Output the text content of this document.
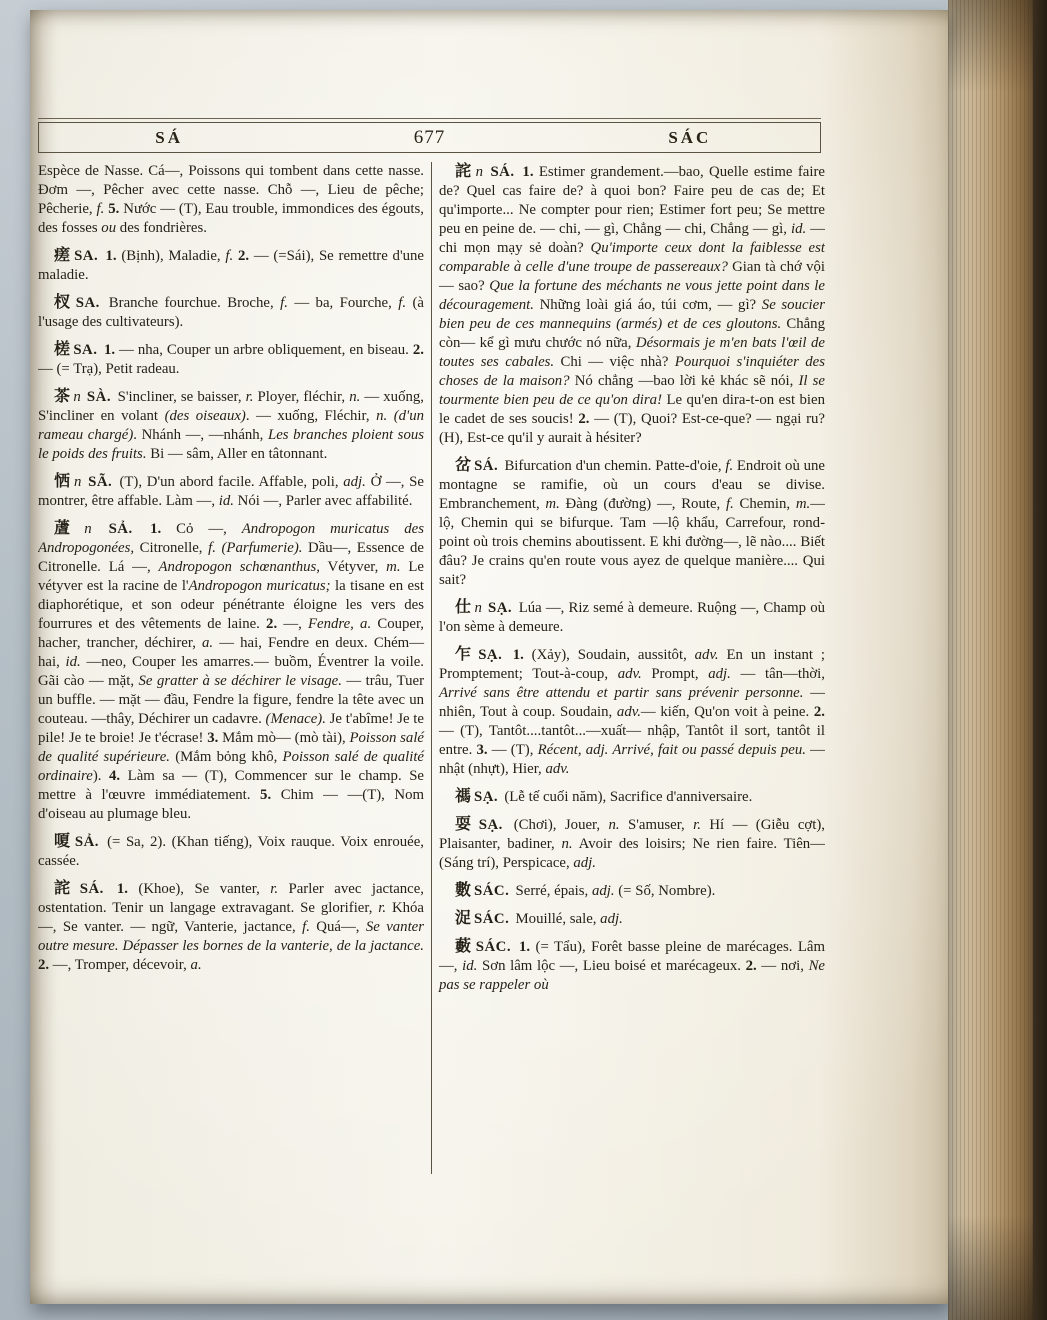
SÁ	677	SÁC

Espèce de Nasse. Cá—, Poissons qui tombent dans cette nasse. Đơm —, Pêcher avec cette nasse. Chỗ —, Lieu de pêche; Pêcherie, f. 5. Nước — (T), Eau trouble, immondices des égouts, des fosses ou des fondrières.

瘥 SA. 1. (Bịnh), Maladie, f. 2. — (=Sái), Se remettre d'une maladie.

杈 SA. Branche fourchue. Broche, f. — ba, Fourche, f. (à l'usage des cultivateurs).

槎 SA. 1. — nha, Couper un arbre obliquement, en biseau. 2. — (= Trạ), Petit radeau.

茶 n SÀ. S'incliner, se baisser, r. Ployer, fléchir, n. — xuống, S'incliner en volant (des oiseaux). — xuống, Fléchir, n. (d'un rameau chargé). Nhánh —, —nhánh, Les branches ploient sous le poids des fruits. Bi — sâm, Aller en tâtonnant.

恓 n SÃ. (T), D'un abord facile. Affable, poli, adj. Ở —, Se montrer, être affable. Làm —, id. Nói —, Parler avec affabilité.

蔖 n SẢ. 1. Cỏ —, Andropogon muricatus des Andropogonées, Citronelle, f. (Parfumerie). Dầu—, Essence de Citronelle. Lá —, Andropogon schœnanthus, Vétyver, m. Le vétyver est la racine de l'Andropogon muricatus; la tisane en est diaphorétique, et son odeur pénétrante éloigne les vers des fourrures et des vêtements de laine. 2. —, Fendre, a. Couper, hacher, trancher, déchirer, a. — hai, Fendre en deux. Chém—hai, id. —neo, Couper les amarres.— buồm, Éventrer la voile. Gãi cào — mặt, Se gratter à se déchirer le visage. — trâu, Tuer un buffle. — mặt — đầu, Fendre la figure, fendre la tête avec un couteau. —thây, Déchirer un cadavre. (Menace). Je t'abîme! Je te pile! Je te broie! Je t'écrase! 3. Mắm mò— (mò tài), Poisson salé de qualité supérieure. (Mắm bỏng khô, Poisson salé de qualité ordinaire). 4. Làm sa — (T), Commencer sur le champ. Se mettre à l'œuvre immédiatement. 5. Chim — —(T), Nom d'oiseau au plumage bleu.

嗄 SẢ. (= Sa, 2). (Khan tiếng), Voix rauque. Voix enrouée, cassée.

詫 SÁ. 1. (Khoe), Se vanter, r. Parler avec jactance, ostentation. Tenir un langage extravagant. Se glorifier, r. Khóa —, Se vanter. — ngữ, Vanterie, jactance, f. Quá—, Se vanter outre mesure. Dépasser les bornes de la vanterie, de la jactance. 2. —, Tromper, décevoir, a.

詫 n SÁ. 1. Estimer grandement.—bao, Quelle estime faire de? Quel cas faire de? à quoi bon? Faire peu de cas de; Et qu'importe... Ne compter pour rien; Estimer fort peu; Se mettre peu en peine de. — chi, — gì, Chẳng — chi, Chẳng — gì, id. — chi mọn mạy sẻ doàn? Qu'importe ceux dont la faiblesse est comparable à celle d'une troupe de passereaux? Gian tà chớ vội — sao? Que la fortune des méchants ne vous jette point dans le découragement. Những loài giá áo, túi cơm, — gì? Se soucier bien peu de ces mannequins (armés) et de ces gloutons. Chẳng còn— kể gì mưu chước nó nữa, Désormais je m'en bats l'œil de toutes ses cabales. Chi — việc nhà? Pourquoi s'inquiéter des choses de la maison? Nó chẳng —bao lời kẻ khác sẽ nói, Il se tourmente bien peu de ce qu'on dira! Le qu'en dira-t-on est bien le cadet de ses soucis! 2. — (T), Quoi? Est-ce-que? — ngại ru? (H), Est-ce qu'il y aurait à hésiter?

岔 SÁ. Bifurcation d'un chemin. Patte-d'oie, f. Endroit où une montagne se ramifie, où un cours d'eau se divise. Embranchement, m. Đàng (đường) —, Route, f. Chemin, m.— lộ, Chemin qui se bifurque. Tam —lộ khẩu, Carrefour, rond-point où trois chemins aboutissent. E khi đường—, lẽ nào.... Biết đâu? Je crains qu'en route vous ayez de quelque manière.... Qui sait?

仕 n SẠ. Lúa —, Riz semé à demeure. Ruộng —, Champ où l'on sème à demeure.

乍 SẠ. 1. (Xảy), Soudain, aussitôt, adv. En un instant ; Promptement; Tout-à-coup, adv. Prompt, adj. — tân—thời, Arrivé sans être attendu et partir sans prévenir personne. — nhiên, Tout à coup. Soudain, adv.— kiến, Qu'on voit à peine. 2. — (T), Tantôt....tantôt...—xuất— nhập, Tantôt il sort, tantôt il entre. 3. — (T), Récent, adj. Arrivé, fait ou passé depuis peu. — nhật (nhựt), Hier, adv.

禡 SẠ. (Lễ tế cuối năm), Sacrifice d'anniversaire.

耍 SẠ. (Chơi), Jouer, n. S'amuser, r. Hí — (Giễu cợt), Plaisanter, badiner, n. Avoir des loisirs; Ne rien faire. Tiên— (Sáng trí), Perspicace, adj.

數 SÁC. Serré, épais, adj. (= Số, Nombre).

浞 SÁC. Mouillé, sale, adj.

藪 SÁC. 1. (= Tẩu), Forêt basse pleine de marécages. Lâm —, id. Sơn lâm lộc —, Lieu boisé et marécageux. 2. — nơi, Ne pas se rappeler où
